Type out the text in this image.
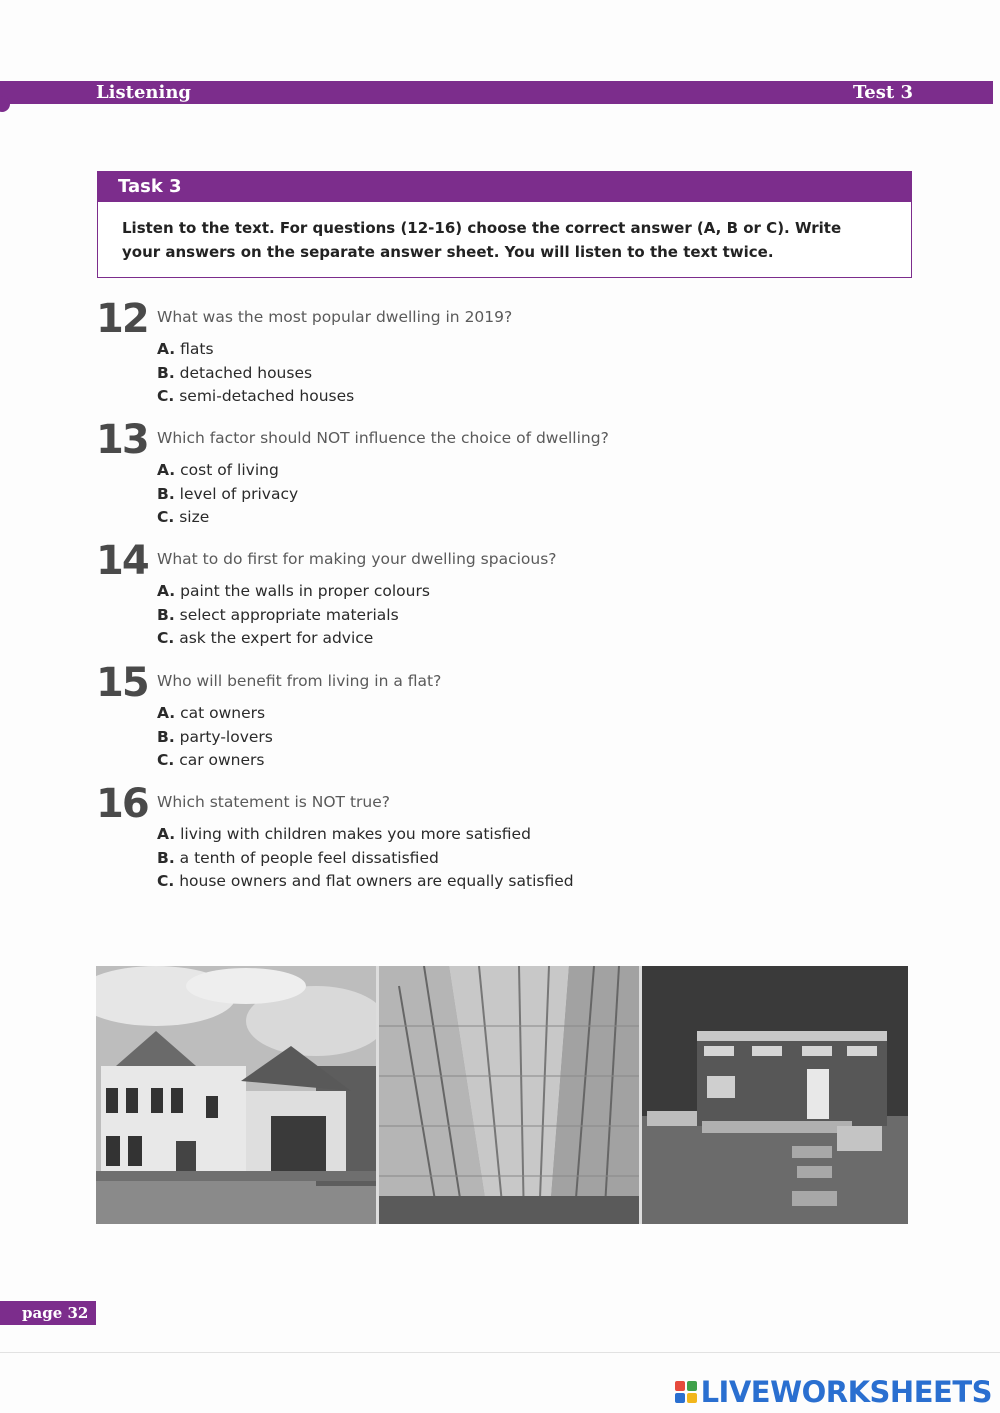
Listening	Test 3
Task 3
Listen to the text. For questions (12-16) choose the correct answer (A, B or C). Write your answers on the separate answer sheet. You will listen to the text twice.
12 What was the most popular dwelling in 2019?
A. flats
B. detached houses
C. semi-detached houses
13 Which factor should NOT influence the choice of dwelling?
A. cost of living
B. level of privacy
C. size
14 What to do first for making your dwelling spacious?
A. paint the walls in proper colours
B. select appropriate materials
C. ask the expert for advice
15 Who will benefit from living in a flat?
A. cat owners
B. party-lovers
C. car owners
16 Which statement is NOT true?
A. living with children makes you more satisfied
B. a tenth of people feel dissatisfied
C. house owners and flat owners are equally satisfied
page 32
LIVEWORKSHEETS
